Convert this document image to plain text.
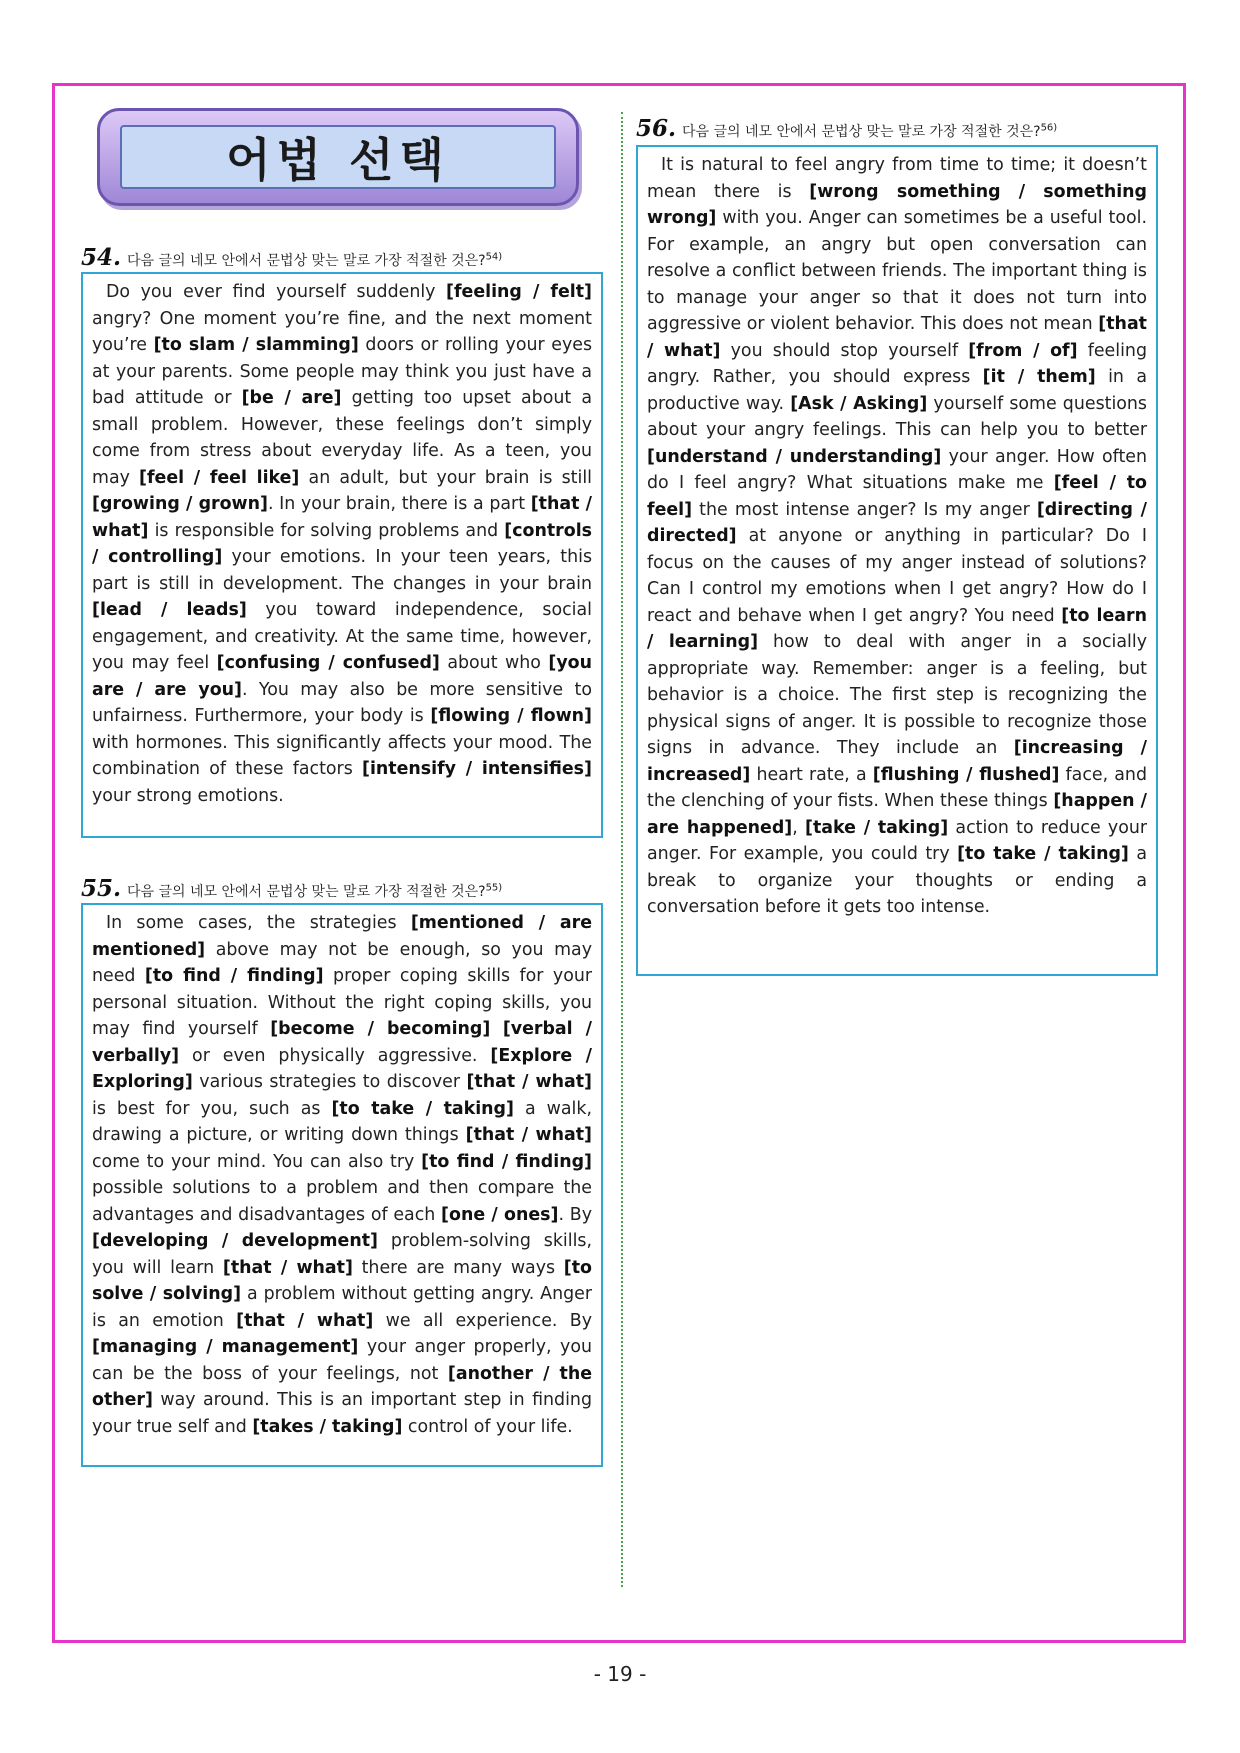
어법 선택
54. 다음 글의 네모 안에서 문법상 맞는 말로 가장 적절한 것은?$^{54)}$

Do you ever find yourself suddenly [feeling / felt] angry? One moment you’re fine, and the next moment you’re [to slam / slamming] doors or rolling your eyes at your parents. Some people may think you just have a bad attitude or [be / are] getting too upset about a small problem. However, these feelings don’t simply come from stress about everyday life. As a teen, you may [feel / feel like] an adult, but your brain is still [growing / grown]. In your brain, there is a part [that / what] is responsible for solving problems and [controls / controlling] your emotions. In your teen years, this part is still in development. The changes in your brain [lead / leads] you toward independence, social engagement, and creativity. At the same time, however, you may feel [confusing / confused] about who [you are / are you]. You may also be more sensitive to unfairness. Furthermore, your body is [flowing / flown] with hormones. This significantly affects your mood. The combination of these factors [intensify / intensifies] your strong emotions.

55. 다음 글의 네모 안에서 문법상 맞는 말로 가장 적절한 것은?$^{55)}$

In some cases, the strategies [mentioned / are mentioned] above may not be enough, so you may need [to find / finding] proper coping skills for your personal situation. Without the right coping skills, you may find yourself [become / becoming] [verbal / verbally] or even physically aggressive. [Explore / Exploring] various strategies to discover [that / what] is best for you, such as [to take / taking] a walk, drawing a picture, or writing down things [that / what] come to your mind. You can also try [to find / finding] possible solutions to a problem and then compare the advantages and disadvantages of each [one / ones]. By [developing / development] problem-solving skills, you will learn [that / what] there are many ways [to solve / solving] a problem without getting angry. Anger is an emotion [that / what] we all experience. By [managing / management] your anger properly, you can be the boss of your feelings, not [another / the other] way around. This is an important step in finding your true self and [takes / taking] control of your life.

56. 다음 글의 네모 안에서 문법상 맞는 말로 가장 적절한 것은?$^{56)}$

It is natural to feel angry from time to time; it doesn’t mean there is [wrong something / something wrong] with you. Anger can sometimes be a useful tool. For example, an angry but open conversation can resolve a conflict between friends. The important thing is to manage your anger so that it does not turn into aggressive or violent behavior. This does not mean [that / what] you should stop yourself [from / of] feeling angry. Rather, you should express [it / them] in a productive way. [Ask / Asking] yourself some questions about your angry feelings. This can help you to better [understand / understanding] your anger. How often do I feel angry? What situations make me [feel / to feel] the most intense anger? Is my anger [directing / directed] at anyone or anything in particular? Do I focus on the causes of my anger instead of solutions? Can I control my emotions when I get angry? How do I react and behave when I get angry? You need [to learn / learning] how to deal with anger in a socially appropriate way. Remember: anger is a feeling, but behavior is a choice. The first step is recognizing the physical signs of anger. It is possible to recognize those signs in advance. They include an [increasing / increased] heart rate, a [flushing / flushed] face, and the clenching of your fists. When these things [happen / are happened], [take / taking] action to reduce your anger. For example, you could try [to take / taking] a break to organize your thoughts or ending a conversation before it gets too intense.

- 19 -
